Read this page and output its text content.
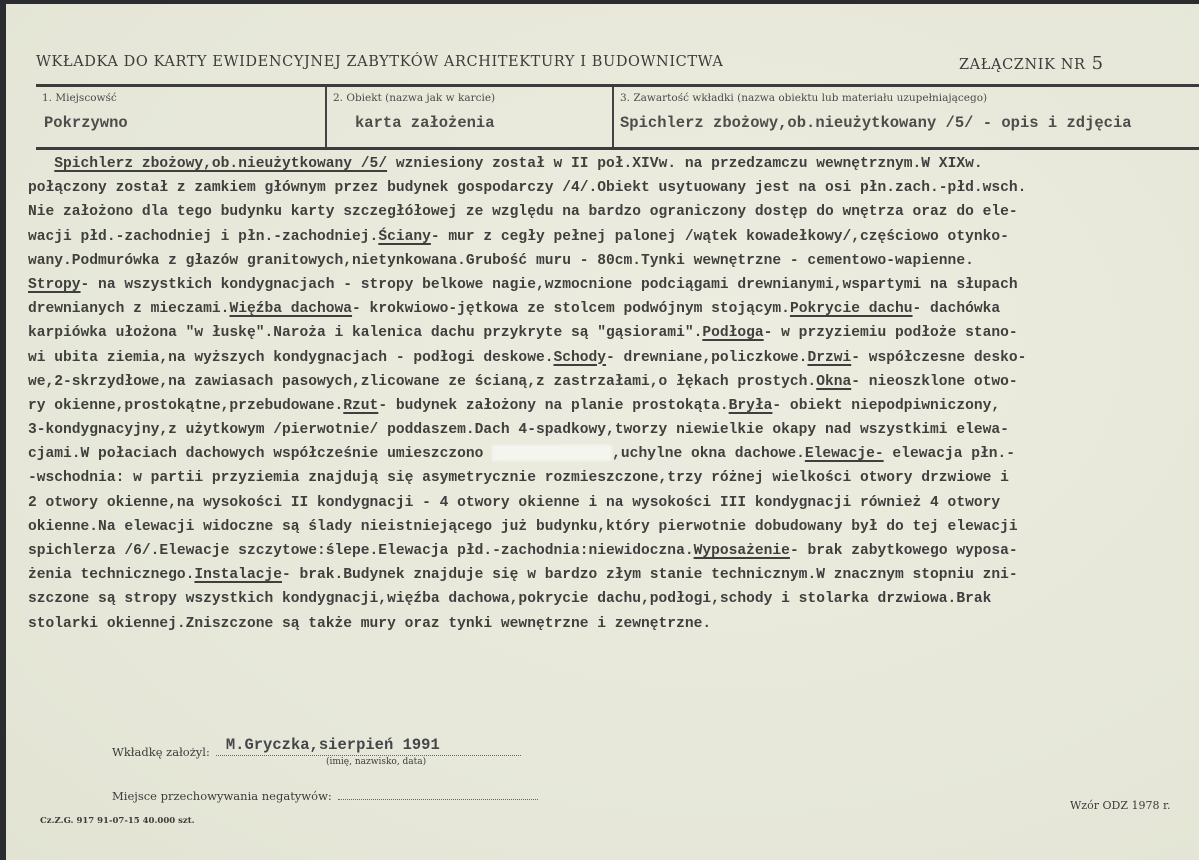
WKŁADKA DO KARTY EWIDENCYJNEJ ZABYTKÓW ARCHITEKTURY I BUDOWNICTWA	ZAŁĄCZNIK NR 5
1. Miejscowść
Pokrzywno
2. Obiekt (nazwa jak w karcie)
karta założenia
3. Zawartość wkładki (nazwa obiektu lub materiału uzupełniającego)
Spichlerz zbożowy,ob.nieużytkowany /5/ - opis i zdjęcia
Spichlerz zbożowy,ob.nieużytkowany /5/ wzniesiony został w II poł.XIVw. na przedzamczu wewnętrznym.W XIXw.
połączony został z zamkiem głównym przez budynek gospodarczy /4/.Obiekt usytuowany jest na osi płn.zach.-płd.wsch.
Nie założono dla tego budynku karty szczegłółowej ze względu na bardzo ograniczony dostęp do wnętrza oraz do ele-
wacji płd.-zachodniej i płn.-zachodniej.Ściany- mur z cegły pełnej palonej /wątek kowadełkowy/,częściowo otynko-
wany.Podmurówka z głazów granitowych,nietynkowana.Grubość muru - 80cm.Tynki wewnętrzne - cementowo-wapienne.
Stropy- na wszystkich kondygnacjach - stropy belkowe nagie,wzmocnione podciągami drewnianymi,wspartymi na słupach
drewnianych z mieczami.Więźba dachowa- krokwiowo-jętkowa ze stolcem podwójnym stojącym.Pokrycie dachu- dachówka
karpiówka ułożona "w łuskę".Naroża i kalenica dachu przykryte są "gąsiorami".Podłoga- w przyziemiu podłoże stano-
wi ubita ziemia,na wyższych kondygnacjach - podłogi deskowe.Schody- drewniane,policzkowe.Drzwi- współczesne desko-
we,2-skrzydłowe,na zawiasach pasowych,zlicowane ze ścianą,z zastrzałami,o łękach prostych.Okna- nieoszklone otwo-
ry okienne,prostokątne,przebudowane.Rzut- budynek założony na planie prostokąta.Bryła- obiekt niepodpiwniczony,
3-kondygnacyjny,z użytkowym /pierwotnie/ poddaszem.Dach 4-spadkowy,tworzy niewielkie okapy nad wszystkimi elewa-
cjami.W połaciach dachowych współcześnie umieszczono	,uchylne okna dachowe.Elewacje- elewacja płn.-
-wschodnia: w partii przyziemia znajdują się asymetrycznie rozmieszczone,trzy różnej wielkości otwory drzwiowe i
2 otwory okienne,na wysokości II kondygnacji - 4 otwory okienne i na wysokości III kondygnacji również 4 otwory
okienne.Na elewacji widoczne są ślady nieistniejącego już budynku,który pierwotnie dobudowany był do tej elewacji
spichlerza /6/.Elewacje szczytowe:ślepe.Elewacja płd.-zachodnia:niewidoczna.Wyposażenie- brak zabytkowego wyposa-
żenia technicznego.Instalacje- brak.Budynek znajduje się w bardzo złym stanie technicznym.W znacznym stopniu zni-
szczone są stropy wszystkich kondygnacji,więźba dachowa,pokrycie dachu,podłogi,schody i stolarka drzwiowa.Brak
stolarki okiennej.Zniszczone są także mury oraz tynki wewnętrzne i zewnętrzne.
Wkładkę założyl: M.Gryczka,sierpień 1991
(imię, nazwisko, data)
Miejsce przechowywania negatywów:
Cz.Z.G. 917 91-07-15 40.000 szt.
Wzór ODZ 1978 r.
